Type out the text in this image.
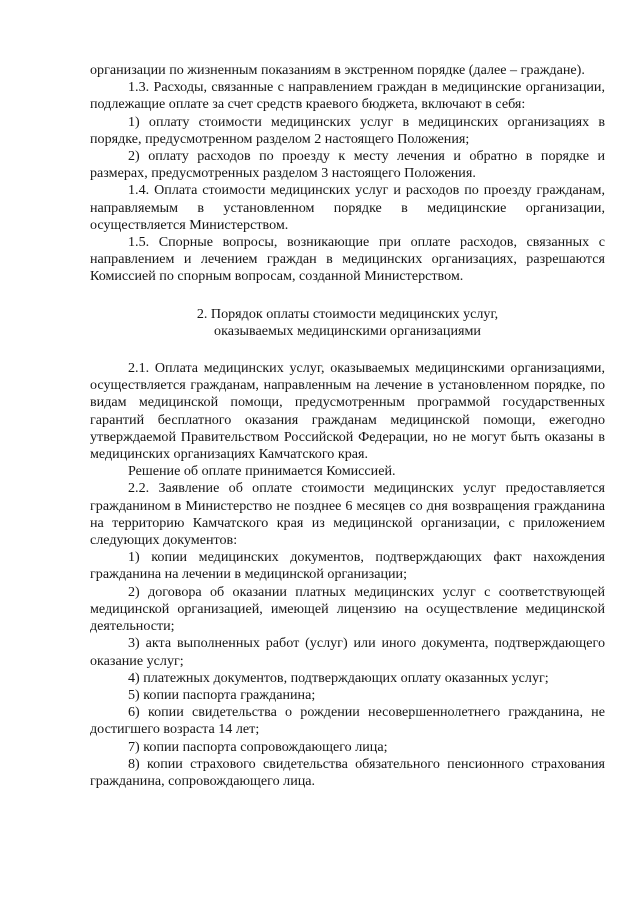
организации по жизненным показаниям в экстренном порядке (далее – граждане).

1.3. Расходы, связанные с направлением граждан в медицинские организации, подлежащие оплате за счет средств краевого бюджета, включают в себя:

1) оплату стоимости медицинских услуг в медицинских организациях в порядке, предусмотренном разделом 2 настоящего Положения;

2) оплату расходов по проезду к месту лечения и обратно в порядке и размерах, предусмотренных разделом 3 настоящего Положения.

1.4. Оплата стоимости медицинских услуг и расходов по проезду гражданам, направляемым в установленном порядке в медицинские организации, осуществляется Министерством.

1.5. Спорные вопросы, возникающие при оплате расходов, связанных с направлением и лечением граждан в медицинских организациях, разрешаются Комиссией по спорным вопросам, созданной Министерством.

2. Порядок оплаты стоимости медицинских услуг,

оказываемых медицинскими организациями

2.1. Оплата медицинских услуг, оказываемых медицинскими организациями, осуществляется гражданам, направленным на лечение в установленном порядке, по видам медицинской помощи, предусмотренным программой государственных гарантий бесплатного оказания гражданам медицинской помощи, ежегодно утверждаемой Правительством Российской Федерации, но не могут быть оказаны в медицинских организациях Камчатского края.

Решение об оплате принимается Комиссией.

2.2. Заявление об оплате стоимости медицинских услуг предоставляется гражданином в Министерство не позднее 6 месяцев со дня возвращения гражданина на территорию Камчатского края из медицинской организации, с приложением следующих документов:

1) копии медицинских документов, подтверждающих факт нахождения гражданина на лечении в медицинской организации;

2) договора об оказании платных медицинских услуг с соответствующей медицинской организацией, имеющей лицензию на осуществление медицинской деятельности;

3) акта выполненных работ (услуг) или иного документа, подтверждающего оказание услуг;

4) платежных документов, подтверждающих оплату оказанных услуг;

5) копии паспорта гражданина;

6) копии свидетельства о рождении несовершеннолетнего гражданина, не достигшего возраста 14 лет;

7) копии паспорта сопровождающего лица;

8) копии страхового свидетельства обязательного пенсионного страхования гражданина, сопровождающего лица.
